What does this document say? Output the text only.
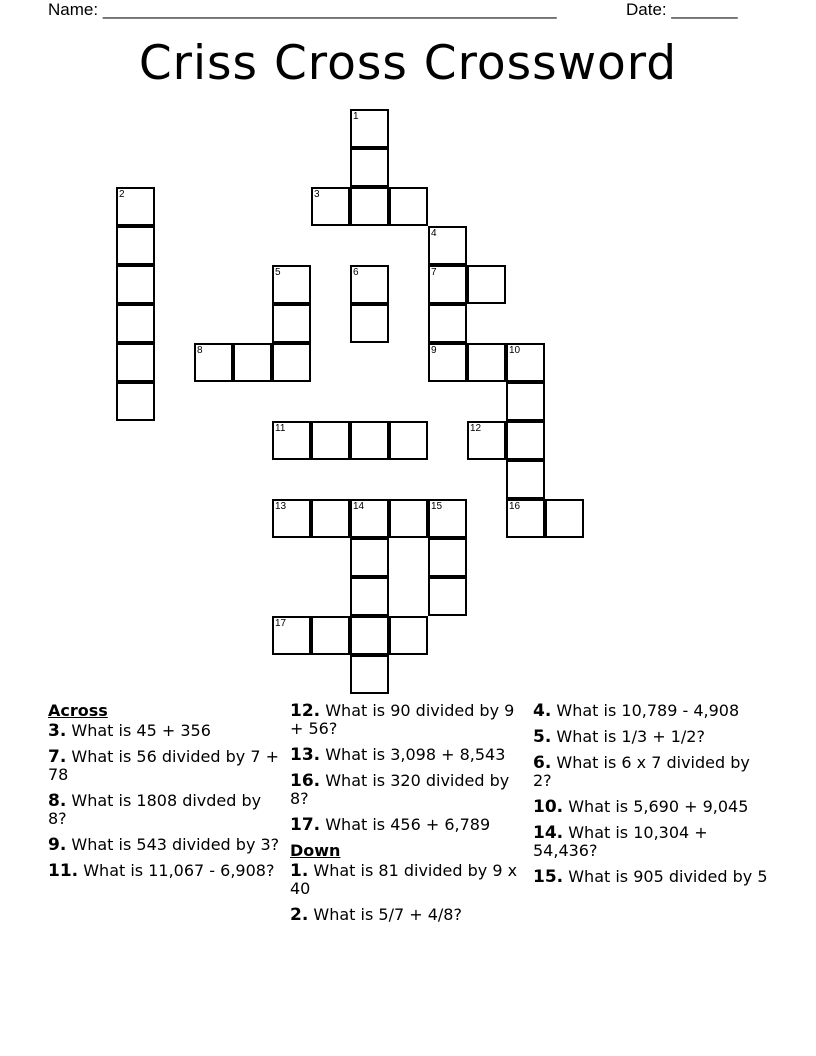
Name: ________________________________________________	Date: _______
Criss Cross Crossword
1
2	3
4
7
9
5	6
8	10
16
11	12
13	14	15
17
Across
3. What is 45 + 356
7. What is 56 divided by 7 + 78
8. What is 1808 divded by 8?
9. What is 543 divided by 3?
11. What is 11,067 - 6,908?
12. What is 90 divided by 9 + 56?
13. What is 3,098 + 8,543
16. What is 320 divided by 8?
17. What is 456 + 6,789
Down
1. What is 81 divided by 9 x 40
2. What is 5/7 + 4/8?
4. What is 10,789 - 4,908
5. What is 1/3 + 1/2?
6. What is 6 x 7 divided by 2?
10. What is 5,690 + 9,045
14. What is 10,304 + 54,436?
15. What is 905 divided by 5
